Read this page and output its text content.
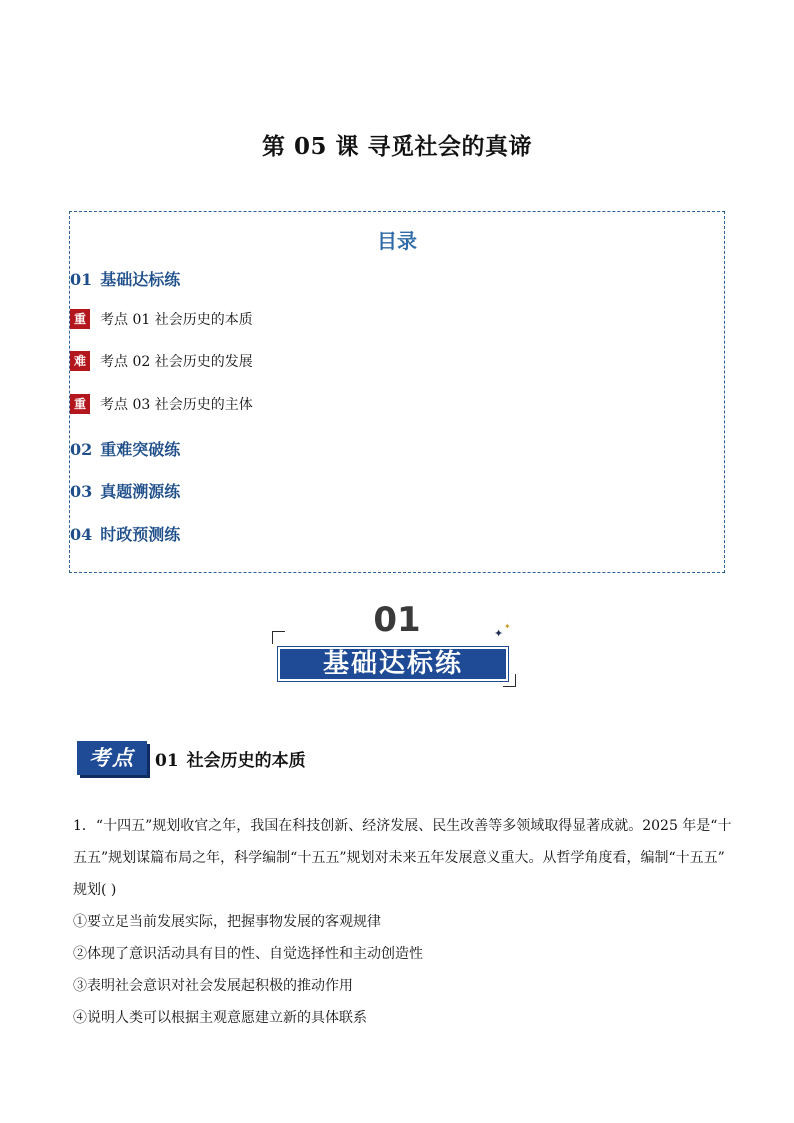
第 05 课 寻觅社会的真谛
目录
01 基础达标练
重 考点 01 社会历史的本质
难 考点 02 社会历史的发展
重 考点 03 社会历史的主体
02 重难突破练
03 真题溯源练
04 时政预测练
01
基础达标练
✦
✦
考点	01 社会历史的本质
1．“十四五”规划收官之年，我国在科技创新、经济发展、民生改善等多领域取得显著成就。2025 年是“十
五五”规划谋篇布局之年，科学编制“十五五”规划对未来五年发展意义重大。从哲学角度看，编制“十五五”
规划( )
①要立足当前发展实际，把握事物发展的客观规律
②体现了意识活动具有目的性、自觉选择性和主动创造性
③表明社会意识对社会发展起积极的推动作用
④说明人类可以根据主观意愿建立新的具体联系
